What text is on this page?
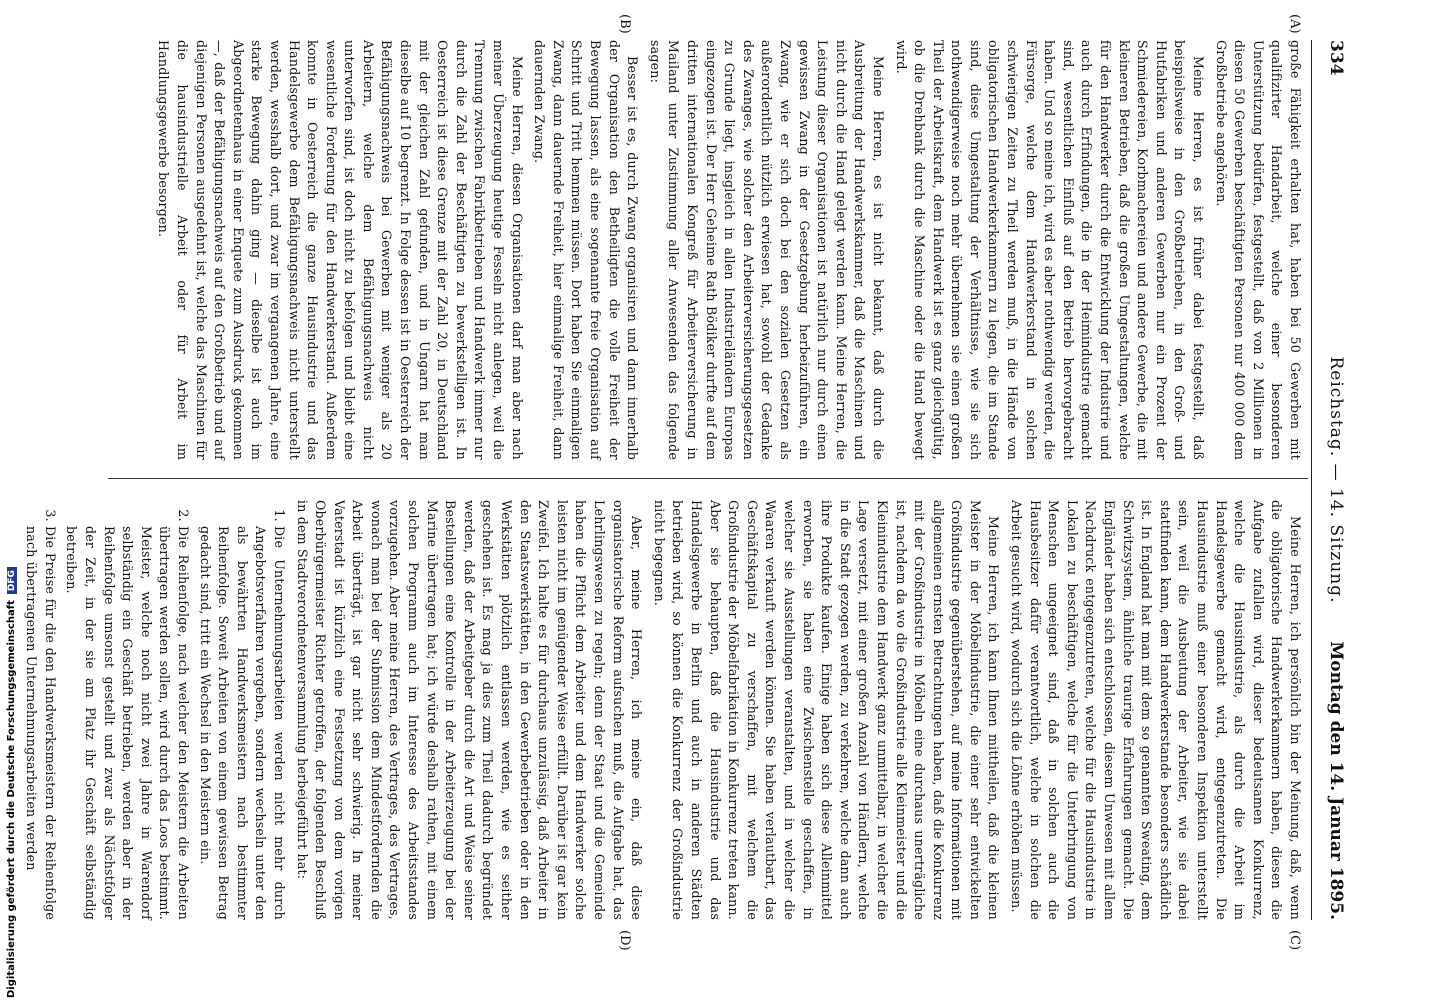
334
Reichstag. — 14. Sitzung.
Montag den 14. Januar 1895.
(A)
(B)
(C)
(D)

große Fähigkeit erhalten hat, haben bei 50 Gewerben mit qualifizirter Handarbeit, welche einer besonderen Unterstützung bedürfen, festgestellt, daß von 2 Millionen in diesen 50 Gewerben beschäftigten Personen nur 400 000 dem Großbetriebe angehören.

Meine Herren, es ist früher dabei festgestellt, daß beispielsweise in den Großbetrieben, in den Groß- und Hutfabriken und anderen Gewerben nur ein Prozent der Schmiedereien, Korbmachereien und andere Gewerbe, die mit kleineren Betrieben, daß die großen Umgestaltungen, welche für den Handwerker durch die Entwicklung der Industrie und auch durch Erfindungen, die in der Heimindustrie gemacht sind, wesentlichen Einfluß auf den Betrieb hervorgebracht haben. Und so meine ich, wird es aber nothwendig werden, die Fürsorge, welche dem Handwerkerstand in solchen schwierigen Zeiten zu Theil werden muß, in die Hände von obligatorischen Handwerkerkammern zu legen, die im Stande sind, diese Umgestaltung der Verhältnisse, wie sie sich nothwendigerweise noch mehr übernehmen sie einen großen Theil der Arbeitskraft, dem Handwerk ist es ganz gleichgültig, ob die Drehbank durch die Maschine oder die Hand bewegt wird.

Meine Herren, es ist nicht bekannt, daß durch die Ausbreitung der Handwerkskammer, daß die Maschinen und nicht durch die Hand gelegt werden kann. Meine Herren, die Leistung dieser Organisationen ist natürlich nur durch einen gewissen Zwang in der Gesetzgebung herbeizuführen, ein Zwang, wie er sich doch bei den sozialen Gesetzen als außerordentlich nützlich erwiesen hat, sowohl der Gedanke des Zwanges, wie solcher den Arbeiterversicherungsgesetzen zu Grunde liegt, insgleich in allen Industrieländern Europas eingezogen ist. Der Herr Geheime Rath Bödiker durfte auf dem dritten internationalen Kongreß für Arbeiterversicherung in Mailand unter Zustimmung aller Anwesenden das folgende sagen:

Besser ist es, durch Zwang organisiren und dann innerhalb der Organisation den Betheiligten die volle Freiheit der Bewegung lassen, als eine sogenannte freie Organisation auf Schritt und Tritt hemmen müssen. Dort haben Sie einmaligen Zwang, dann dauernde Freiheit, hier einmalige Freiheit, dann dauernden Zwang.

Meine Herren, diesen Organisationen darf man aber nach meiner Überzeugung heutige Fesseln nicht anlegen, weil die Trennung zwischen Fabrikbetrieben und Handwerk immer nur durch die Zahl der Beschäftigten zu bewerkstelligen ist. In Oesterreich ist diese Grenze mit der Zahl 20, in Deutschland mit der gleichen Zahl gefunden, und in Ungarn hat man dieselbe auf 10 begrenzt. In Folge dessen ist in Oesterreich der Befähigungsnachweis bei Gewerben mit weniger als 20 Arbeitern, welche dem Befähigungsnachweis nicht unterworfen sind, ist doch nicht zu befolgen und bleibt eine wesentliche Forderung für den Handwerkerstand. Außerdem konnte in Oesterreich die ganze Hausindustrie und das Handelsgewerbe dem Befähigungsnachweis nicht unterstellt werden, wesshalb dort, und zwar im vergangenen Jahre, eine starke Bewegung dahin ging — dieselbe ist auch im Abgeordnetenhaus in einer Enquete zum Ausdruck gekommen —, daß der Befähigungsnachweis auf den Großbetrieb und auf diejenigen Personen ausgedehnt ist, welche das Maschinen für die hausindustrielle Arbeit oder für Arbeit im Handlungsgewerbe besorgen.

Meine Herren, ich persönlich bin der Meinung, daß, wenn die obligatorische Handwerkerkammern haben, diesen die Aufgabe zufallen wird, dieser bedeutsamen Konkurrenz, welche die Hausindustrie, als durch die Arbeit im Handelsgewerbe gemacht wird, entgegenzutreten. Die Hausindustrie muß einer besonderen Inspektion unterstellt sein, weil die Ausbeutung der Arbeiter, wie sie dabei stattfinden kann, dem Handwerkerstande besonders schädlich ist. In England hat man mit dem so genannten Sweating, dem Schwitzsystem, ähnliche traurige Erfahrungen gemacht. Die Engländer haben sich entschlossen, diesem Unwesen mit allem Nachdruck entgegenzutreten, welche für die Hausindustrie in Lokalen zu beschäftigen, welche für die Unterbringung von Menschen ungeeignet sind, daß in solchen auch die Hausbesitzer dafür verantwortlich, welche in solchen die Arbeit gesucht wird, wodurch sich die Löhne erhöhen müssen.

Meine Herren, ich kann Ihnen mittheilen, daß die kleinen Meister in der Möbelindustrie, die einer sehr entwickelten Großindustrie gegenüberstehen, auf meine Informationen mit allgemeinen ernsten Betrachtungen haben, daß die Konkurrenz mit der Großindustrie in Möbeln eine durchaus unerträgliche ist, nachdem da wo die Großindustrie alle Kleinmeister und die Kleinindustrie dem Handwerk ganz unmittelbar, in welcher die Lage versetzt, mit einer großen Anzahl von Händlern, welche in die Stadt gezogen werden, zu verkehren, welche dann auch ihre Produkte kaufen. Einige haben sich diese Alleinmittel erworben, sie haben eine Zwischenstelle geschaffen, in welcher sie Ausstellungen veranstalten, und in welcher die Waaren verkauft werden können. Sie haben verlautbart, das Geschäftskapital zu verschaffen, mit welchem die Großindustrie der Möbelfabrikation in Konkurrenz treten kann. Aber sie behaupten, daß die Hausindustrie und das Handelsgewerbe in Berlin und auch in anderen Städten betrieben wird, so können die Konkurrenz der Großindustrie nicht begegnen.

Aber, meine Herren, ich meine ein, daß diese organisatorische Reform aufsuchen muß, die Aufgabe hat, das Lehrlingswesen zu regeln; denn der Staat und die Gemeinde haben die Pflicht dem Arbeiter und dem Handwerker solche leisten nicht im genügender Weise erfüllt. Darüber ist gar kein Zweifel. Ich halte es für durchaus unzulässig, daß Arbeiter in den Staatswerkstätten, in den Gewerbebetrieben oder in den Werkstätten plötzlich entlassen werden, wie es seither geschehen ist. Es mag ja dies zum Theil dadurch begründet werden, daß der Arbeitgeber durch die Art und Weise seiner Bestellungen eine Kontrolle in der Arbeiterzeugung bei der Marine übertragen hat; ich würde deshalb rathen, mit einem solchen Programm auch im Interesse des Arbeitsstandes vorzugehen. Aber meine Herren, des Vertrages, des Vertrages, wonach man bei der Submission dem Mindestfordernden die Arbeit überträgt, ist gar nicht sehr schwierig. In meiner Vaterstadt ist kürzlich eine Festsetzung von dem vorigen Oberbürgermeister Richter getroffen, der folgenden Beschluß in dem Stadtverordnetenversammlung herbeigeführt hat:

1. Die Unternehmungsarbeiten werden nicht mehr durch Angebotsverfahren vergeben, sondern wechseln unter den als bewährten Handwerksmeistern nach bestimmter Reihenfolge. Soweit Arbeiten von einem gewissen Betrag gedacht sind, tritt ein Wechsel in den Meistern ein.
2. Die Reihenfolge, nach welcher den Meistern die Arbeiten übertragen werden sollen, wird durch das Loos bestimmt. Meister, welche noch nicht zwei Jahre in Warendorf selbständig ein Geschäft betrieben, werden aber in der Reihenfolge umsonst gestellt und zwar als Nächstfolger der Zeit, in der sie am Platz ihr Geschäft selbständig betreiben.
3. Die Preise für die den Handwerksmeistern der Reihenfolge nach übertragenen Unternehmungsarbeiten werden
Digitalisierung gefördert durch die Deutsche ForschungsgemeinschaftDFG
